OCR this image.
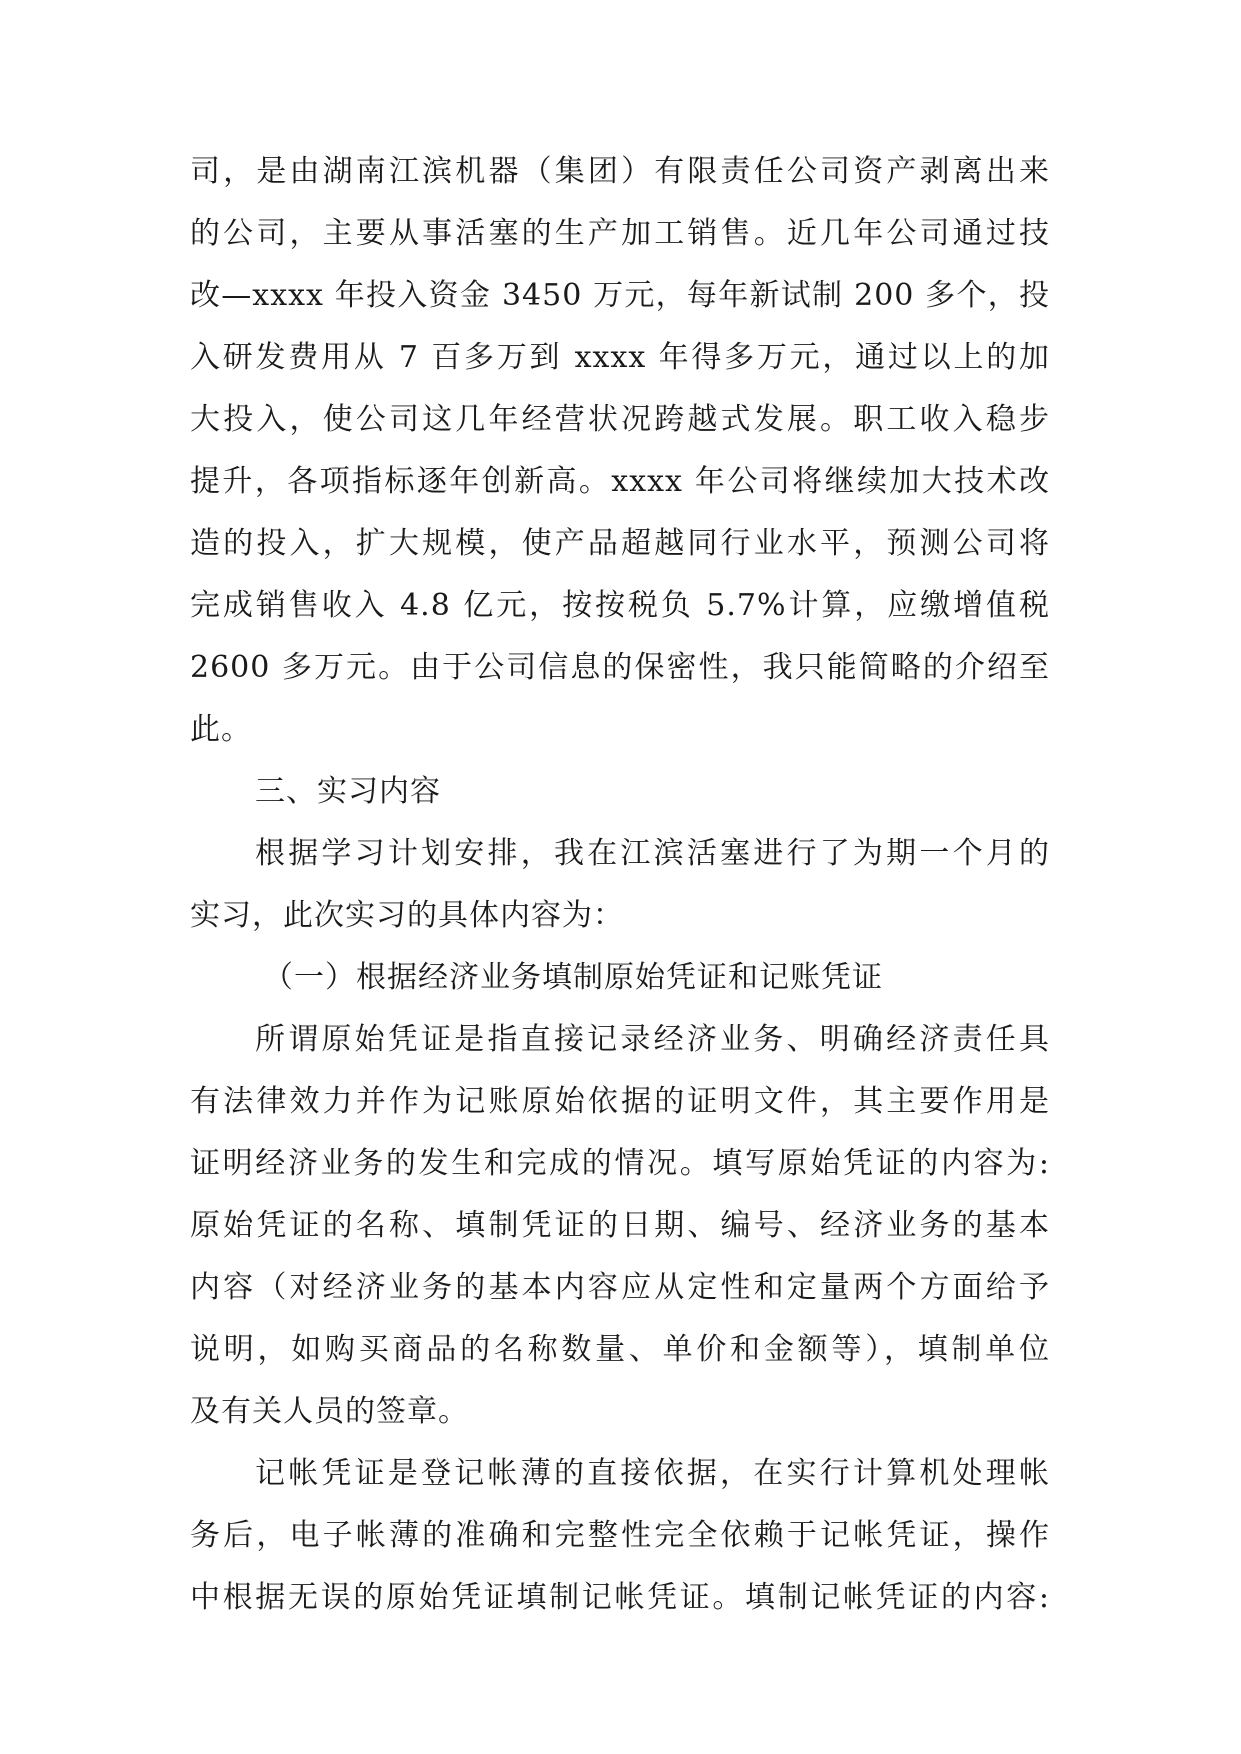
司，是由湖南江滨机器（集团）有限责任公司资产剥离出来
的公司，主要从事活塞的生产加工销售。近几年公司通过技
改—xxxx 年投入资金 3450 万元，每年新试制 200 多个，投
入研发费用从 7 百多万到 xxxx 年得多万元，通过以上的加
大投入，使公司这几年经营状况跨越式发展。职工收入稳步
提升，各项指标逐年创新高。xxxx 年公司将继续加大技术改
造的投入，扩大规模，使产品超越同行业水平，预测公司将
完成销售收入 4.8 亿元，按按税负 5.7%计算，应缴增值税
2600 多万元。由于公司信息的保密性，我只能简略的介绍至
此。
三、实习内容
根据学习计划安排，我在江滨活塞进行了为期一个月的
实习，此次实习的具体内容为：
（一）根据经济业务填制原始凭证和记账凭证
所谓原始凭证是指直接记录经济业务、明确经济责任具
有法律效力并作为记账原始依据的证明文件，其主要作用是
证明经济业务的发生和完成的情况。填写原始凭证的内容为:
原始凭证的名称、填制凭证的日期、编号、经济业务的基本
内容（对经济业务的基本内容应从定性和定量两个方面给予
说明，如购买商品的名称数量、单价和金额等），填制单位
及有关人员的签章。
记帐凭证是登记帐薄的直接依据，在实行计算机处理帐
务后，电子帐薄的准确和完整性完全依赖于记帐凭证，操作
中根据无误的原始凭证填制记帐凭证。填制记帐凭证的内容:
